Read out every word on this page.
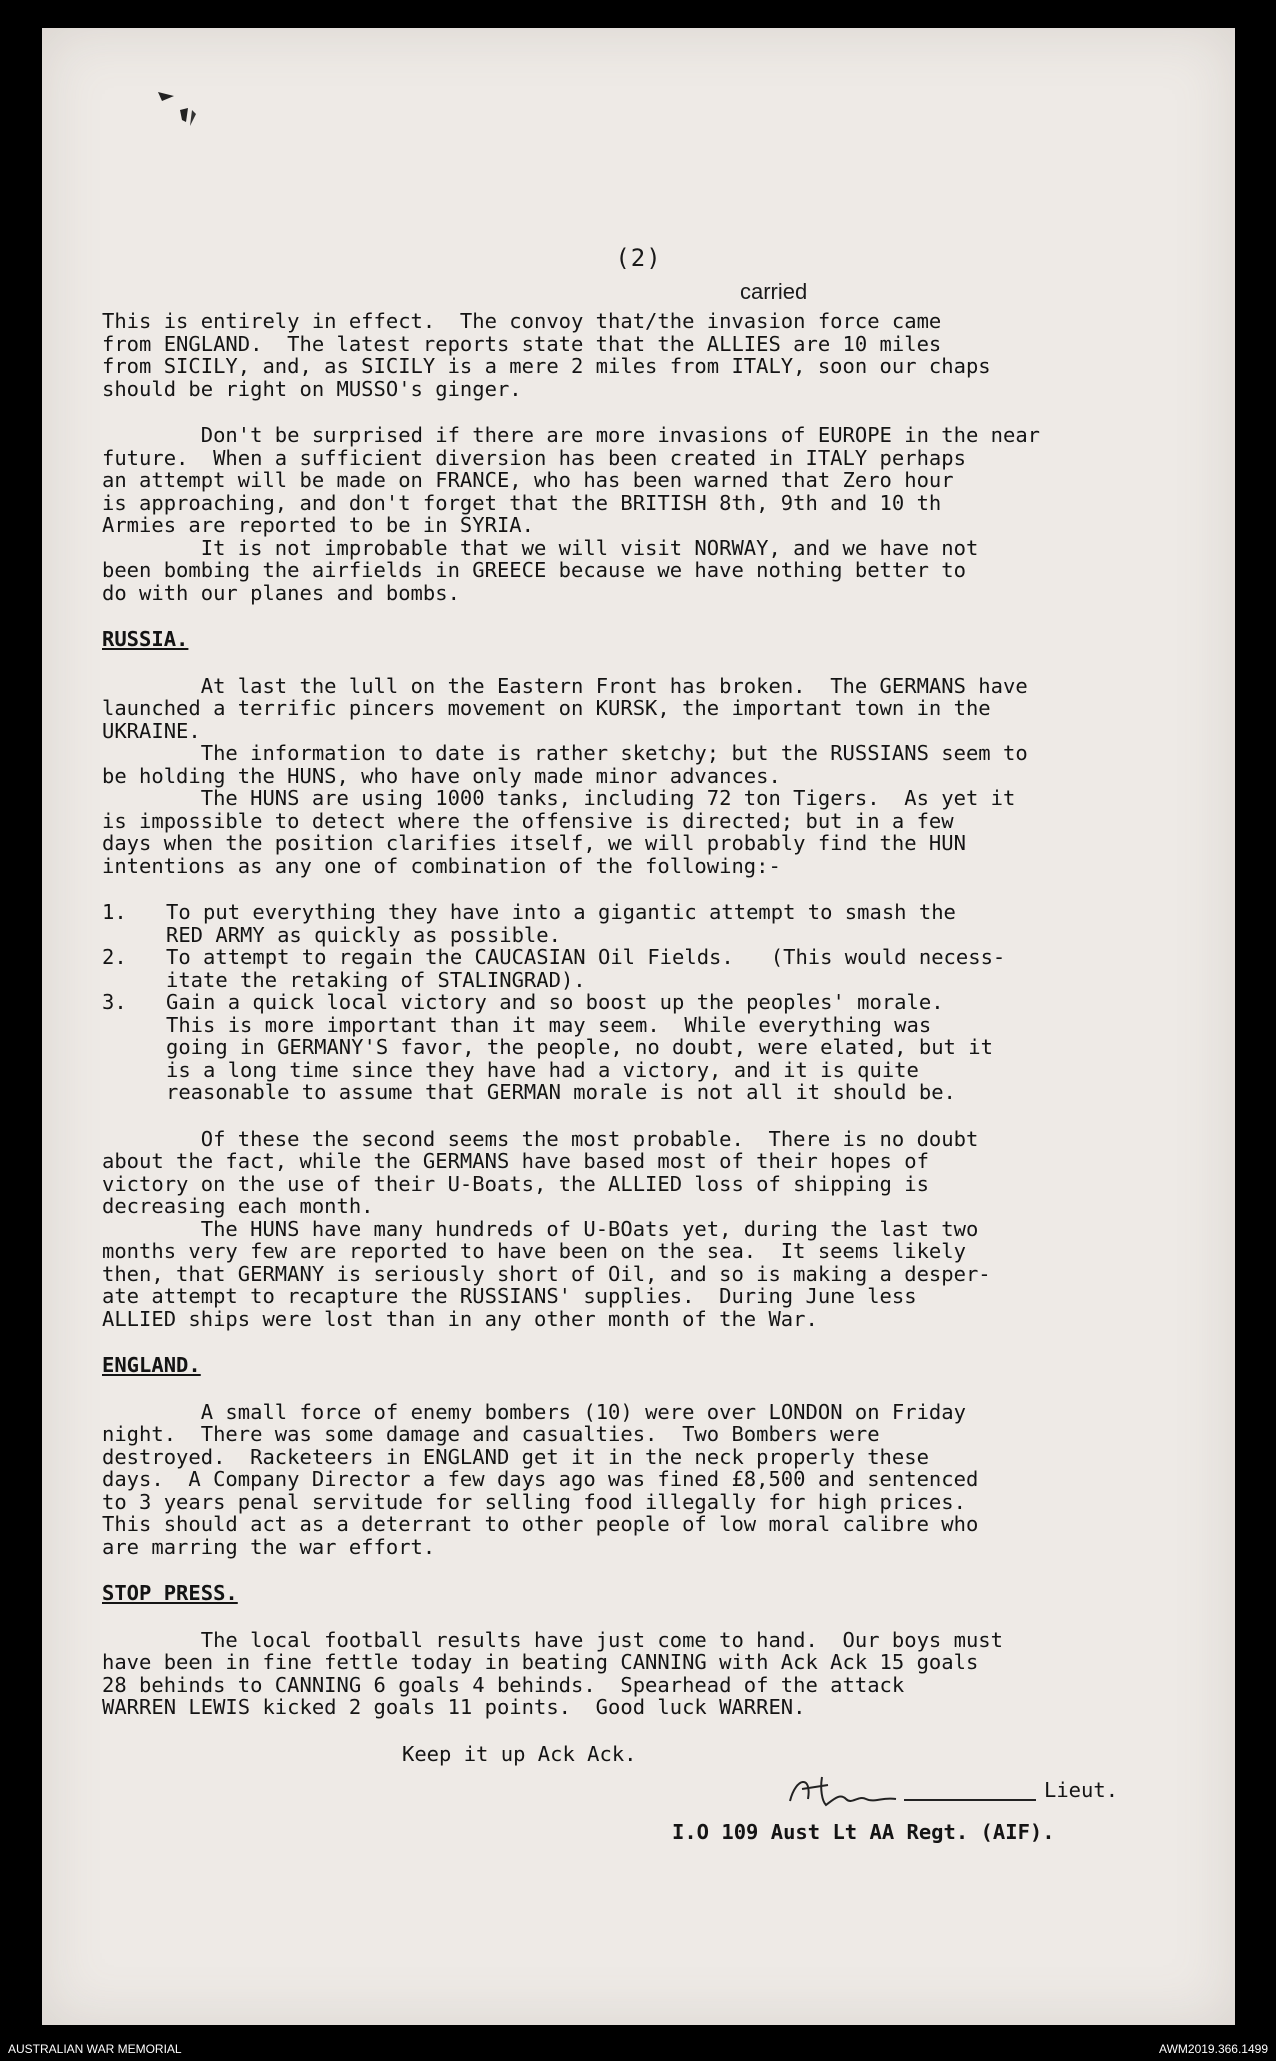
(2)
carried

This is entirely in effect.  The convoy that/the invasion force came
from ENGLAND.  The latest reports state that the ALLIES are 10 miles
from SICILY, and, as SICILY is a mere 2 miles from ITALY, soon our chaps
should be right on MUSSO's ginger.

Don't be surprised if there are more invasions of EUROPE in the near
future.  When a sufficient diversion has been created in ITALY perhaps
an attempt will be made on FRANCE, who has been warned that Zero hour
is approaching, and don't forget that the BRITISH 8th, 9th and 10 th
Armies are reported to be in SYRIA.
It is not improbable that we will visit NORWAY, and we have not
been bombing the airfields in GREECE because we have nothing better to
do with our planes and bombs.

RUSSIA.

At last the lull on the Eastern Front has broken.  The GERMANS have
launched a terrific pincers movement on KURSK, the important town in the
UKRAINE.
The information to date is rather sketchy; but the RUSSIANS seem to
be holding the HUNS, who have only made minor advances.
The HUNS are using 1000 tanks, including 72 ton Tigers.  As yet it
is impossible to detect where the offensive is directed; but in a few
days when the position clarifies itself, we will probably find the HUN
intentions as any one of combination of the following:-

1.	To put everything they have into a gigantic attempt to smash the
RED ARMY as quickly as possible.
2.	To attempt to regain the CAUCASIAN Oil Fields.   (This would necess-
itate the retaking of STALINGRAD).
3.	Gain a quick local victory and so boost up the peoples' morale.
This is more important than it may seem.  While everything was
going in GERMANY'S favor, the people, no doubt, were elated, but it
is a long time since they have had a victory, and it is quite
reasonable to assume that GERMAN morale is not all it should be.

Of these the second seems the most probable.  There is no doubt
about the fact, while the GERMANS have based most of their hopes of
victory on the use of their U-Boats, the ALLIED loss of shipping is
decreasing each month.
The HUNS have many hundreds of U-BOats yet, during the last two
months very few are reported to have been on the sea.  It seems likely
then, that GERMANY is seriously short of Oil, and so is making a desper-
ate attempt to recapture the RUSSIANS' supplies.  During June less
ALLIED ships were lost than in any other month of the War.

ENGLAND.

A small force of enemy bombers (10) were over LONDON on Friday
night.  There was some damage and casualties.  Two Bombers were
destroyed.  Racketeers in ENGLAND get it in the neck properly these
days.  A Company Director a few days ago was fined £8,500 and sentenced
to 3 years penal servitude for selling food illegally for high prices.
This should act as a deterrant to other people of low moral calibre who
are marring the war effort.

STOP PRESS.

The local football results have just come to hand.  Our boys must
have been in fine fettle today in beating CANNING with Ack Ack 15 goals
28 behinds to CANNING 6 goals 4 behinds.  Spearhead of the attack
WARREN LEWIS kicked 2 goals 11 points.  Good luck WARREN.

Keep it up Ack Ack.

Lieut.
I.O 109 Aust Lt AA Regt. (AIF).
AUSTRALIAN WAR MEMORIAL	AWM2019.366.1499
